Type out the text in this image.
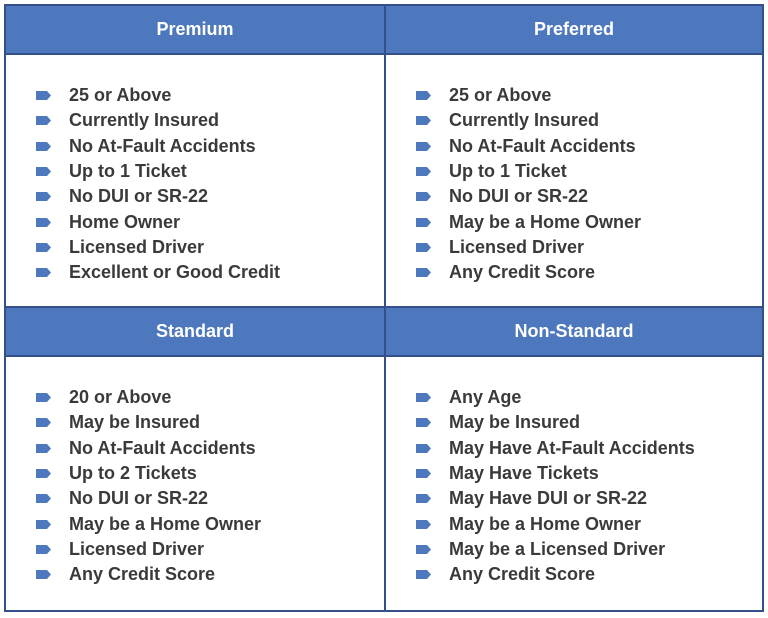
Premium
25 or Above
Currently Insured
No At-Fault Accidents
Up to 1 Ticket
No DUI or SR-22
Home Owner
Licensed Driver
Excellent or Good Credit
Preferred
25 or Above
Currently Insured
No At-Fault Accidents
Up to 1 Ticket
No DUI or SR-22
May be a Home Owner
Licensed Driver
Any Credit Score
Standard
20 or Above
May be Insured
No At-Fault Accidents
Up to 2 Tickets
No DUI or SR-22
May be a Home Owner
Licensed Driver
Any Credit Score
Non-Standard
Any Age
May be Insured
May Have At-Fault Accidents
May Have Tickets
May Have DUI or SR-22
May be a Home Owner
May be a Licensed Driver
Any Credit Score
